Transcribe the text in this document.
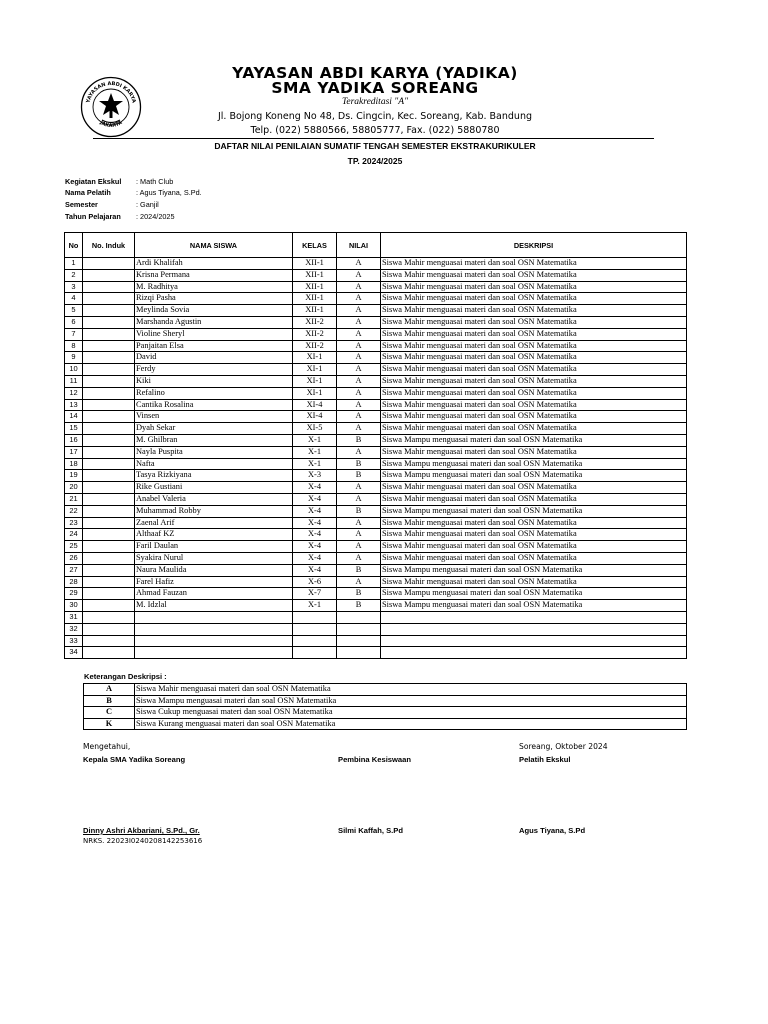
YAYASAN ABDI KARYA
JAKARTA
YAYASAN ABDI KARYA (YADIKA)
SMA YADIKA SOREANG
Terakreditasi "A"
Jl. Bojong Koneng No 48, Ds. Cingcin, Kec. Soreang, Kab. Bandung
Telp. (022) 5880566, 58805777, Fax. (022) 5880780
DAFTAR NILAI PENILAIAN SUMATIF TENGAH SEMESTER EKSTRAKURIKULER
TP. 2024/2025
Kegiatan Ekskul : Math Club
Nama Pelatih	: Agus Tiyana, S.Pd.
Semester	: Ganjil
Tahun Pelajaran : 2024/2025
No	No. Induk	NAMA SISWA	KELAS	NILAI	DESKRIPSI
1		Ardi Khalifah	XII-1	A	Siswa Mahir menguasai materi dan soal OSN Matematika
2		Krisna Permana	XII-1	A	Siswa Mahir menguasai materi dan soal OSN Matematika
3		M. Radhitya	XII-1	A	Siswa Mahir menguasai materi dan soal OSN Matematika
4		Rizqi Pasha	XII-1	A	Siswa Mahir menguasai materi dan soal OSN Matematika
5		Meylinda Sovia	XII-1	A	Siswa Mahir menguasai materi dan soal OSN Matematika
6		Marshanda Agustin	XII-2	A	Siswa Mahir menguasai materi dan soal OSN Matematika
7		Violine Sheryl	XII-2	A	Siswa Mahir menguasai materi dan soal OSN Matematika
8		Panjaitan Elsa	XII-2	A	Siswa Mahir menguasai materi dan soal OSN Matematika
9		David	XI-1	A	Siswa Mahir menguasai materi dan soal OSN Matematika
10		Ferdy	XI-1	A	Siswa Mahir menguasai materi dan soal OSN Matematika
11		Kiki	XI-1	A	Siswa Mahir menguasai materi dan soal OSN Matematika
12		Refalino	XI-1	A	Siswa Mahir menguasai materi dan soal OSN Matematika
13		Cantika Rosalina	XI-4	A	Siswa Mahir menguasai materi dan soal OSN Matematika
14		Vinsen	XI-4	A	Siswa Mahir menguasai materi dan soal OSN Matematika
15		Dyah Sekar	XI-5	A	Siswa Mahir menguasai materi dan soal OSN Matematika
16		M. Ghilbran	X-1	B	Siswa Mampu menguasai materi dan soal OSN Matematika
17		Nayla Puspita	X-1	A	Siswa Mahir menguasai materi dan soal OSN Matematika
18		Nafta	X-1	B	Siswa Mampu menguasai materi dan soal OSN Matematika
19		Tasya Rizkiyana	X-3	B	Siswa Mampu menguasai materi dan soal OSN Matematika
20		Rike Gustiani	X-4	A	Siswa Mahir menguasai materi dan soal OSN Matematika
21		Anabel Valeria	X-4	A	Siswa Mahir menguasai materi dan soal OSN Matematika
22		Muhammad Robby	X-4	B	Siswa Mampu menguasai materi dan soal OSN Matematika
23		Zaenal Arif	X-4	A	Siswa Mahir menguasai materi dan soal OSN Matematika
24		Althaaf KZ	X-4	A	Siswa Mahir menguasai materi dan soal OSN Matematika
25		Faril Daulan	X-4	A	Siswa Mahir menguasai materi dan soal OSN Matematika
26		Syakira Nurul	X-4	A	Siswa Mahir menguasai materi dan soal OSN Matematika
27		Naura Maulida	X-4	B	Siswa Mampu menguasai materi dan soal OSN Matematika
28		Farel Hafiz	X-6	A	Siswa Mahir menguasai materi dan soal OSN Matematika
29		Ahmad Fauzan	X-7	B	Siswa Mampu menguasai materi dan soal OSN Matematika
30		M. Idzlal	X-1	B	Siswa Mampu menguasai materi dan soal OSN Matematika
31					
32					
33					
34					
Keterangan Deskripsi :
A	Siswa Mahir menguasai materi dan soal OSN Matematika
B	Siswa Mampu menguasai materi dan soal OSN Matematika
C	Siswa Cukup menguasai materi dan soal OSN Matematika
K	Siswa Kurang menguasai materi dan soal OSN Matematika
Mengetahui,	Soreang, Oktober 2024
Kepala SMA Yadika Soreang	Pembina Kesiswaan	Pelatih Ekskul
Dinny Ashri Akbariani, S.Pd., Gr.	Silmi Kaffah, S.Pd	Agus Tiyana, S.Pd
NRKS. 22023I0240208142253616
